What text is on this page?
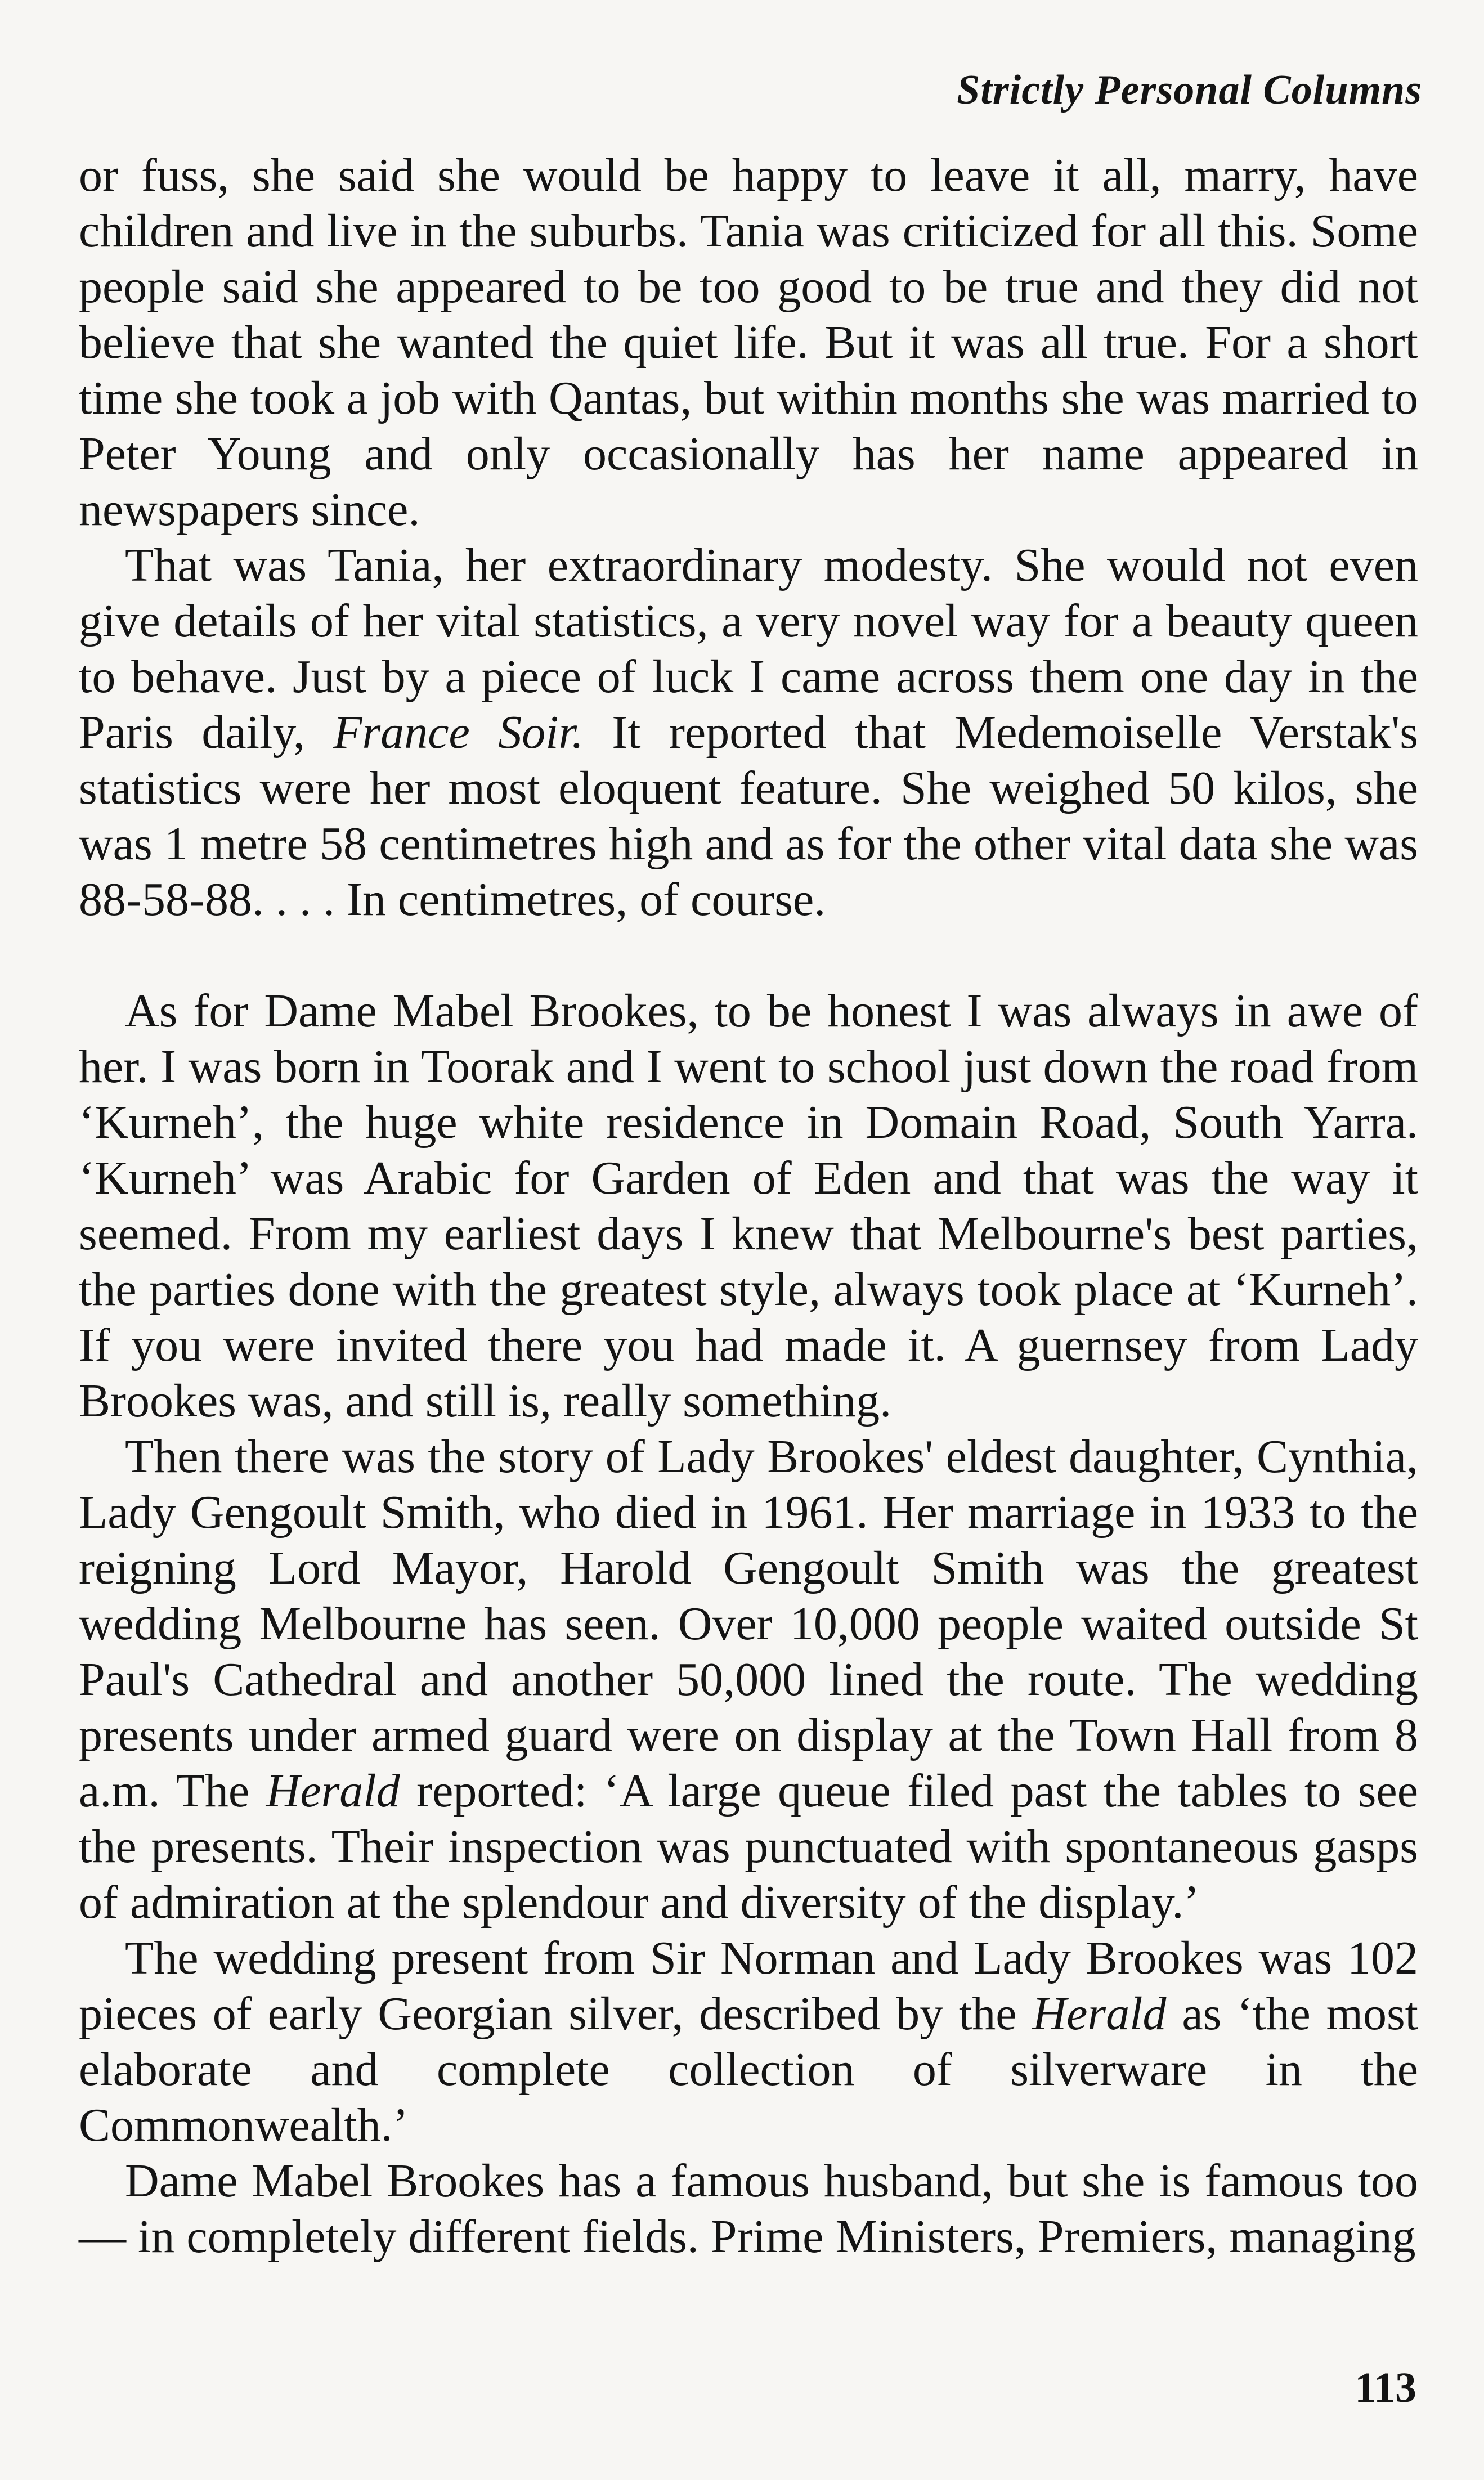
Strictly Personal Columns

or fuss, she said she would be happy to leave it all, marry, have children and live in the suburbs. Tania was criticized for all this. Some people said she appeared to be too good to be true and they did not believe that she wanted the quiet life. But it was all true. For a short time she took a job with Qantas, but within months she was married to Peter Young and only occasionally has her name appeared in newspapers since.

That was Tania, her extraordinary modesty. She would not even give details of her vital statistics, a very novel way for a beauty queen to behave. Just by a piece of luck I came across them one day in the Paris daily, France Soir. It reported that Medemoiselle Verstak's statistics were her most eloquent feature. She weighed 50 kilos, she was 1 metre 58 centimetres high and as for the other vital data she was 88-58-88. . . . In centimetres, of course.

As for Dame Mabel Brookes, to be honest I was always in awe of her. I was born in Toorak and I went to school just down the road from ‘Kurneh’, the huge white residence in Domain Road, South Yarra. ‘Kurneh’ was Arabic for Garden of Eden and that was the way it seemed. From my earliest days I knew that Melbourne's best parties, the parties done with the greatest style, always took place at ‘Kurneh’. If you were invited there you had made it. A guernsey from Lady Brookes was, and still is, really something.

Then there was the story of Lady Brookes' eldest daughter, Cynthia, Lady Gengoult Smith, who died in 1961. Her marriage in 1933 to the reigning Lord Mayor, Harold Gengoult Smith was the greatest wedding Melbourne has seen. Over 10,000 people waited outside St Paul's Cathedral and another 50,000 lined the route. The wedding presents under armed guard were on display at the Town Hall from 8 a.m. The Herald reported: ‘A large queue filed past the tables to see the presents. Their inspection was punctuated with spontaneous gasps of admiration at the splendour and diversity of the display.’

The wedding present from Sir Norman and Lady Brookes was 102 pieces of early Georgian silver, described by the Herald as ‘the most elaborate and complete collection of silverware in the Commonwealth.’

Dame Mabel Brookes has a famous husband, but she is famous too — in completely different fields. Prime Ministers, Premiers, managing

113
